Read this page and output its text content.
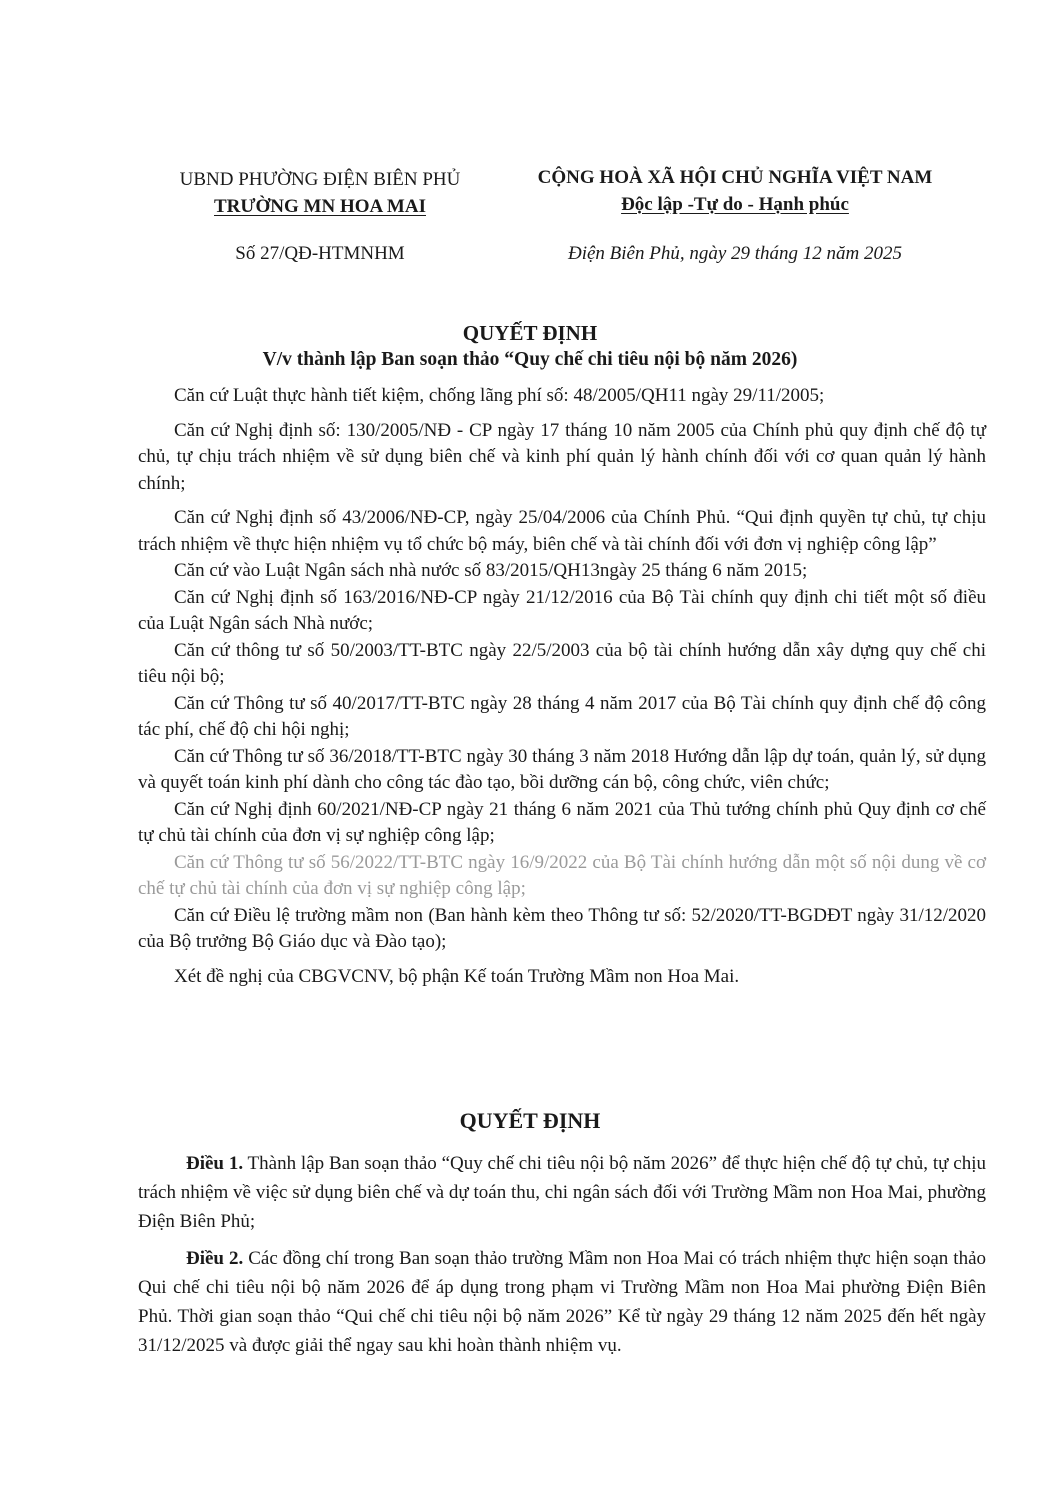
UBND PHƯỜNG ĐIỆN BIÊN PHỦ
TRƯỜNG MN HOA MAI
CỘNG HOÀ XÃ HỘI CHỦ NGHĨA VIỆT NAM
Độc lập -Tự do - Hạnh phúc
Số 27/QĐ-HTMNHM	Điện Biên Phủ, ngày 29 tháng 12 năm 2025
QUYẾT ĐỊNH
V/v thành lập Ban soạn thảo “Quy chế chi tiêu nội bộ năm 2026)

Căn cứ Luật thực hành tiết kiệm, chống lãng phí số: 48/2005/QH11 ngày 29/11/2005;

Căn cứ Nghị định số: 130/2005/NĐ - CP ngày 17 tháng 10 năm 2005 của Chính phủ quy định chế độ tự chủ, tự chịu trách nhiệm về sử dụng biên chế và kinh phí quản lý hành chính đối với cơ quan quản lý hành chính;

Căn cứ Nghị định số 43/2006/NĐ-CP, ngày 25/04/2006 của Chính Phủ. “Qui định quyền tự chủ, tự chịu trách nhiệm về thực hiện nhiệm vụ tổ chức bộ máy, biên chế và tài chính đối với đơn vị nghiệp công lập”

Căn cứ vào Luật Ngân sách nhà nước số 83/2015/QH13ngày 25 tháng 6 năm 2015;

Căn cứ Nghị định số 163/2016/NĐ-CP ngày 21/12/2016 của Bộ Tài chính quy định chi tiết một số điều của Luật Ngân sách Nhà nước;

Căn cứ thông tư số 50/2003/TT-BTC ngày 22/5/2003 của bộ tài chính hướng dẫn xây dựng quy chế chi tiêu nội bộ;

Căn cứ Thông tư số 40/2017/TT-BTC ngày 28 tháng 4 năm 2017 của Bộ Tài chính quy định chế độ công tác phí, chế độ chi hội nghị;

Căn cứ Thông tư số 36/2018/TT-BTC ngày 30 tháng 3 năm 2018 Hướng dẫn lập dự toán, quản lý, sử dụng và quyết toán kinh phí dành cho công tác đào tạo, bồi dưỡng cán bộ, công chức, viên chức;

Căn cứ Nghị định 60/2021/NĐ-CP ngày 21 tháng 6 năm 2021 của Thủ tướng chính phủ Quy định cơ chế tự chủ tài chính của đơn vị sự nghiệp công lập;

Căn cứ Thông tư số 56/2022/TT-BTC ngày 16/9/2022 của Bộ Tài chính hướng dẫn một số nội dung về cơ chế tự chủ tài chính của đơn vị sự nghiệp công lập;

Căn cứ Điều lệ trường mầm non (Ban hành kèm theo Thông tư số: 52/2020/TT-BGDĐT ngày 31/12/2020 của Bộ trưởng Bộ Giáo dục và Đào tạo);

Xét đề nghị của CBGVCNV, bộ phận Kế toán Trường Mầm non Hoa Mai.

QUYẾT ĐỊNH

Điều 1. Thành lập Ban soạn thảo “Quy chế chi tiêu nội bộ năm 2026” để thực hiện chế độ tự chủ, tự chịu trách nhiệm về việc sử dụng biên chế và dự toán thu, chi ngân sách đối với Trường Mầm non Hoa Mai, phường Điện Biên Phủ;

Điều 2. Các đồng chí trong Ban soạn thảo trường Mầm non Hoa Mai có trách nhiệm thực hiện soạn thảo Qui chế chi tiêu nội bộ năm 2026 để áp dụng trong phạm vi Trường Mầm non Hoa Mai phường Điện Biên Phủ. Thời gian soạn thảo “Qui chế chi tiêu nội bộ năm 2026” Kể từ ngày 29 tháng 12 năm 2025 đến hết ngày 31/12/2025 và được giải thể ngay sau khi hoàn thành nhiệm vụ.
